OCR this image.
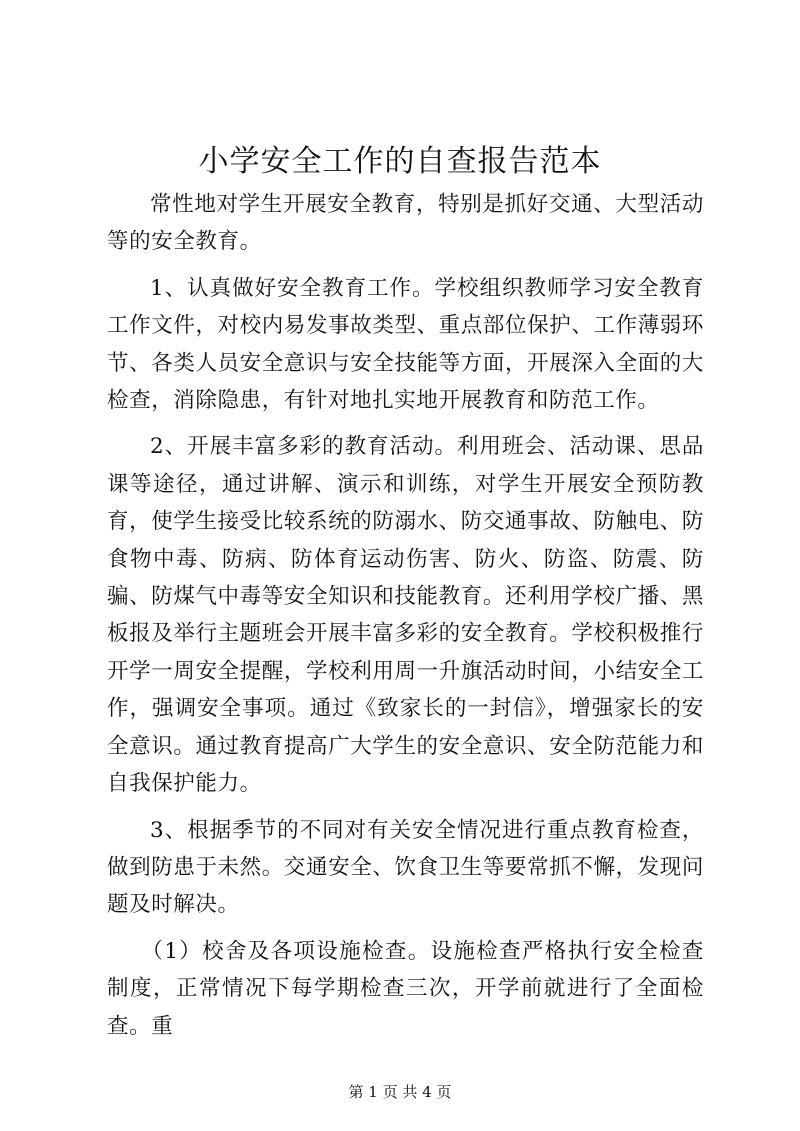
小学安全工作的自查报告范本

常性地对学生开展安全教育，特别是抓好交通、大型活动等的安全教育。

1、认真做好安全教育工作。学校组织教师学习安全教育工作文件，对校内易发事故类型、重点部位保护、工作薄弱环节、各类人员安全意识与安全技能等方面，开展深入全面的大检查，消除隐患，有针对地扎实地开展教育和防范工作。

2、开展丰富多彩的教育活动。利用班会、活动课、思品课等途径，通过讲解、演示和训练，对学生开展安全预防教育，使学生接受比较系统的防溺水、防交通事故、防触电、防食物中毒、防病、防体育运动伤害、防火、防盗、防震、防骗、防煤气中毒等安全知识和技能教育。还利用学校广播、黑板报及举行主题班会开展丰富多彩的安全教育。学校积极推行开学一周安全提醒，学校利用周一升旗活动时间，小结安全工作，强调安全事项。通过《致家长的一封信》，增强家长的安全意识。通过教育提高广大学生的安全意识、安全防范能力和自我保护能力。

3、根据季节的不同对有关安全情况进行重点教育检查，做到防患于未然。交通安全、饮食卫生等要常抓不懈，发现问题及时解决。

（1）校舍及各项设施检查。设施检查严格执行安全检查制度，正常情况下每学期检查三次，开学前就进行了全面检查。重

第 1 页 共 4 页
